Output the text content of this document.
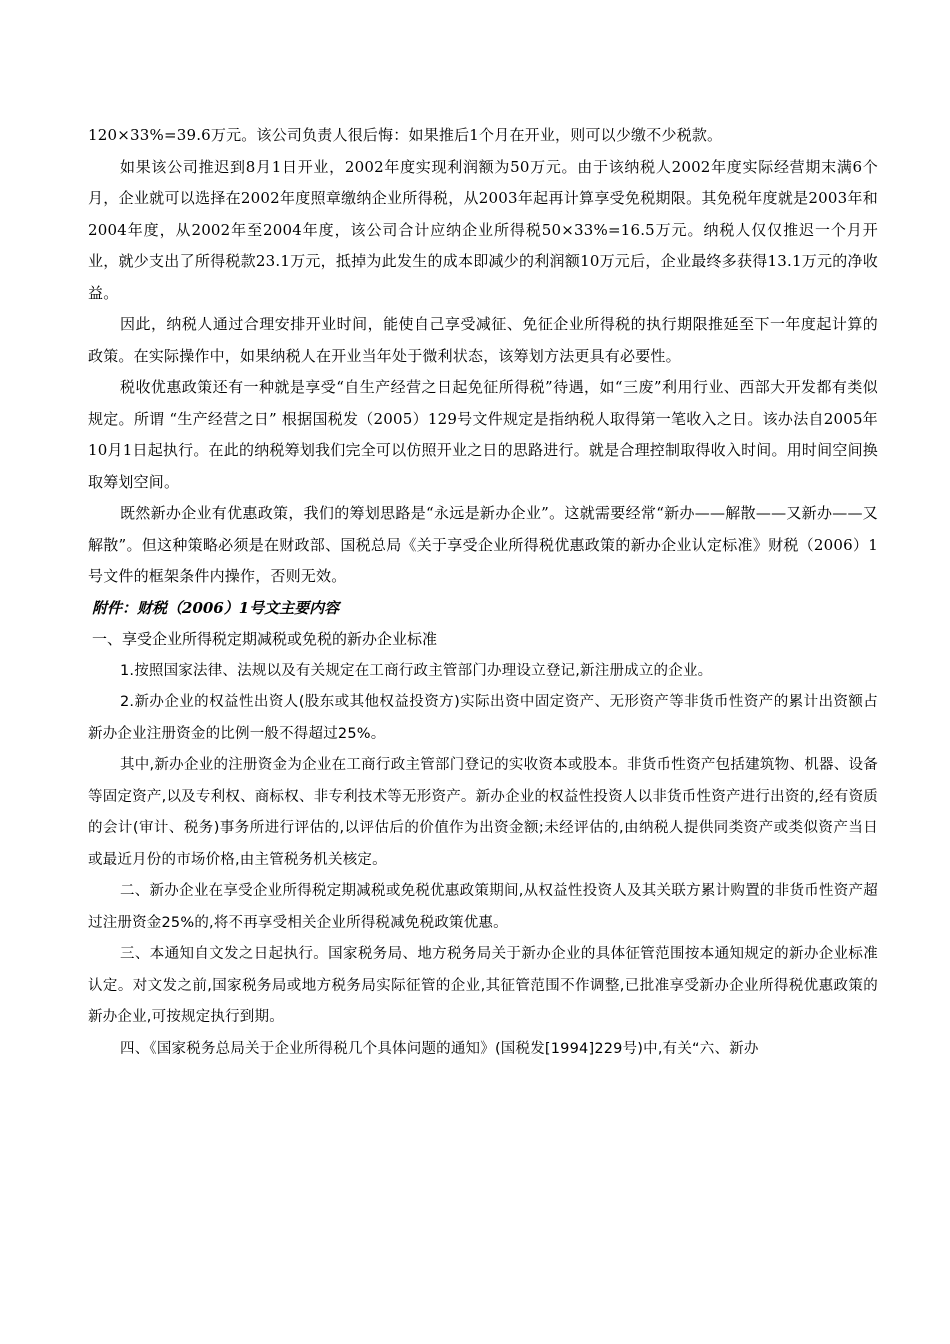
120×33%=39.6万元。该公司负责人很后悔：如果推后1个月在开业，则可以少缴不少税款。

如果该公司推迟到8月1日开业，2002年度实现利润额为50万元。由于该纳税人2002年度实际经营期末满6个月，企业就可以选择在2002年度照章缴纳企业所得税，从2003年起再计算享受免税期限。其免税年度就是2003年和2004年度，从2002年至2004年度，该公司合计应纳企业所得税50×33%=16.5万元。纳税人仅仅推迟一个月开业，就少支出了所得税款23.1万元，抵掉为此发生的成本即减少的利润额10万元后，企业最终多获得13.1万元的净收益。

因此，纳税人通过合理安排开业时间，能使自己享受减征、免征企业所得税的执行期限推延至下一年度起计算的政策。在实际操作中，如果纳税人在开业当年处于微利状态，该筹划方法更具有必要性。

税收优惠政策还有一种就是享受“自生产经营之日起免征所得税”待遇，如“三废”利用行业、西部大开发都有类似规定。所谓 “生产经营之日” 根据国税发（2005）129号文件规定是指纳税人取得第一笔收入之日。该办法自2005年10月1日起执行。在此的纳税筹划我们完全可以仿照开业之日的思路进行。就是合理控制取得收入时间。用时间空间换取筹划空间。

既然新办企业有优惠政策，我们的筹划思路是“永远是新办企业”。这就需要经常“新办——解散——又新办——又解散”。但这种策略必须是在财政部、国税总局《关于享受企业所得税优惠政策的新办企业认定标准》财税（2006）1号文件的框架条件内操作，否则无效。

附件：财税（2006）1号文主要内容

一、享受企业所得税定期减税或免税的新办企业标准

1.按照国家法律、法规以及有关规定在工商行政主管部门办理设立登记,新注册成立的企业。

2.新办企业的权益性出资人(股东或其他权益投资方)实际出资中固定资产、无形资产等非货币性资产的累计出资额占新办企业注册资金的比例一般不得超过25%。

其中,新办企业的注册资金为企业在工商行政主管部门登记的实收资本或股本。非货币性资产包括建筑物、机器、设备等固定资产,以及专利权、商标权、非专利技术等无形资产。新办企业的权益性投资人以非货币性资产进行出资的,经有资质的会计(审计、税务)事务所进行评估的,以评估后的价值作为出资金额;未经评估的,由纳税人提供同类资产或类似资产当日或最近月份的市场价格,由主管税务机关核定。

二、新办企业在享受企业所得税定期减税或免税优惠政策期间,从权益性投资人及其关联方累计购置的非货币性资产超过注册资金25%的,将不再享受相关企业所得税减免税政策优惠。

三、本通知自文发之日起执行。国家税务局、地方税务局关于新办企业的具体征管范围按本通知规定的新办企业标准认定。对文发之前,国家税务局或地方税务局实际征管的企业,其征管范围不作调整,已批准享受新办企业所得税优惠政策的新办企业,可按规定执行到期。

四、《国家税务总局关于企业所得税几个具体问题的通知》(国税发[1994]229号)中,有关“六、新办
